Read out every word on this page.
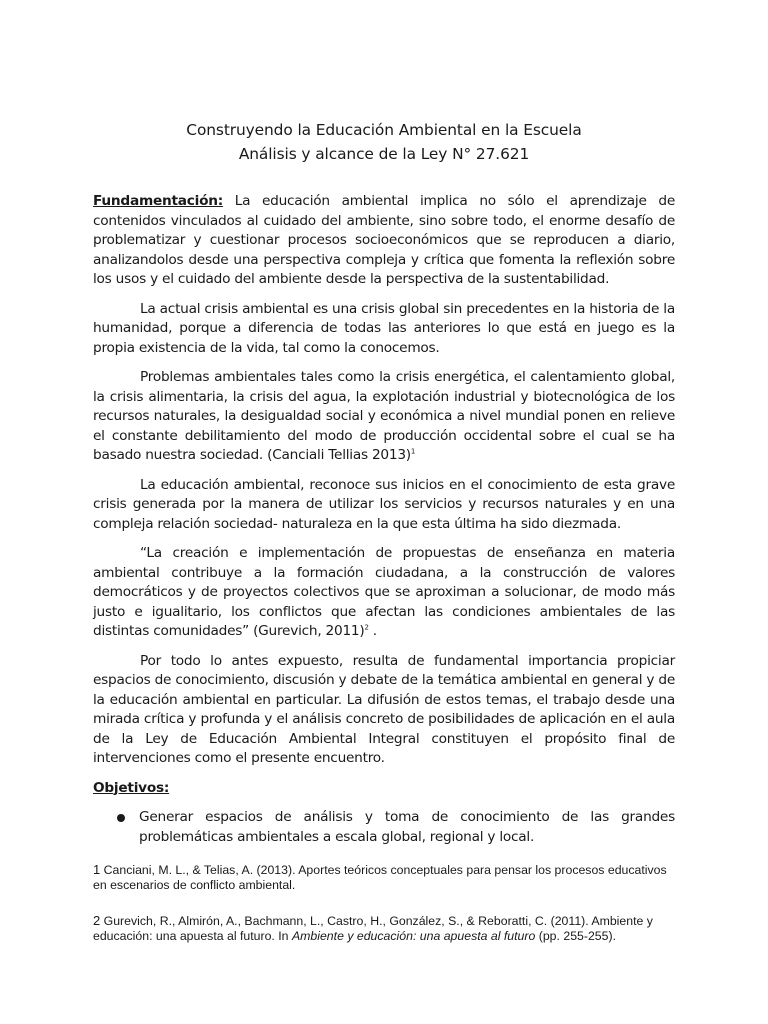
Construyendo la Educación Ambiental en la Escuela
Análisis y alcance de la Ley N° 27.621

Fundamentación: La educación ambiental implica no sólo el aprendizaje de contenidos vinculados al cuidado del ambiente, sino sobre todo, el enorme desafío de problematizar y cuestionar procesos socioeconómicos que se reproducen a diario, analizandolos desde una perspectiva compleja y crítica que fomenta la reflexión sobre los usos y el cuidado del ambiente desde la perspectiva de la sustentabilidad.

La actual crisis ambiental es una crisis global sin precedentes en la historia de la humanidad, porque a diferencia de todas las anteriores lo que está en juego es la propia existencia de la vida, tal como la conocemos.

Problemas ambientales tales como la crisis energética, el calentamiento global, la crisis alimentaria, la crisis del agua, la explotación industrial y biotecnológica de los recursos naturales, la desigualdad social y económica a nivel mundial ponen en relieve el constante debilitamiento del modo de producción occidental sobre el cual se ha basado nuestra sociedad. (Canciali Tellias 2013)$^1$

La educación ambiental, reconoce sus inicios en el conocimiento de esta grave crisis generada por la manera de utilizar los servicios y recursos naturales y en una compleja relación sociedad- naturaleza en la que esta última ha sido diezmada.

“La creación e implementación de propuestas de enseñanza en materia ambiental contribuye a la formación ciudadana, a la construcción de valores democráticos y de proyectos colectivos que se aproximan a solucionar, de modo más justo e igualitario, los conflictos que afectan las condiciones ambientales de las distintas comunidades” (Gurevich, 2011)$^2$ .

Por todo lo antes expuesto, resulta de fundamental importancia propiciar espacios de conocimiento, discusión y debate de la temática ambiental en general y de la educación ambiental en particular. La difusión de estos temas, el trabajo desde una mirada crítica y profunda y el análisis concreto de posibilidades de aplicación en el aula de la Ley de Educación Ambiental Integral constituyen el propósito final de intervenciones como el presente encuentro.

Objetivos:
Generar espacios de análisis y toma de conocimiento de las grandes problemáticas ambientales a escala global, regional y local.

1 Canciani, M. L., & Telias, A. (2013). Aportes teóricos conceptuales para pensar los procesos educativos en escenarios de conflicto ambiental.

2 Gurevich, R., Almirón, A., Bachmann, L., Castro, H., González, S., & Reboratti, C. (2011). Ambiente y educación: una apuesta al futuro. In Ambiente y educación: una apuesta al futuro (pp. 255-255).
